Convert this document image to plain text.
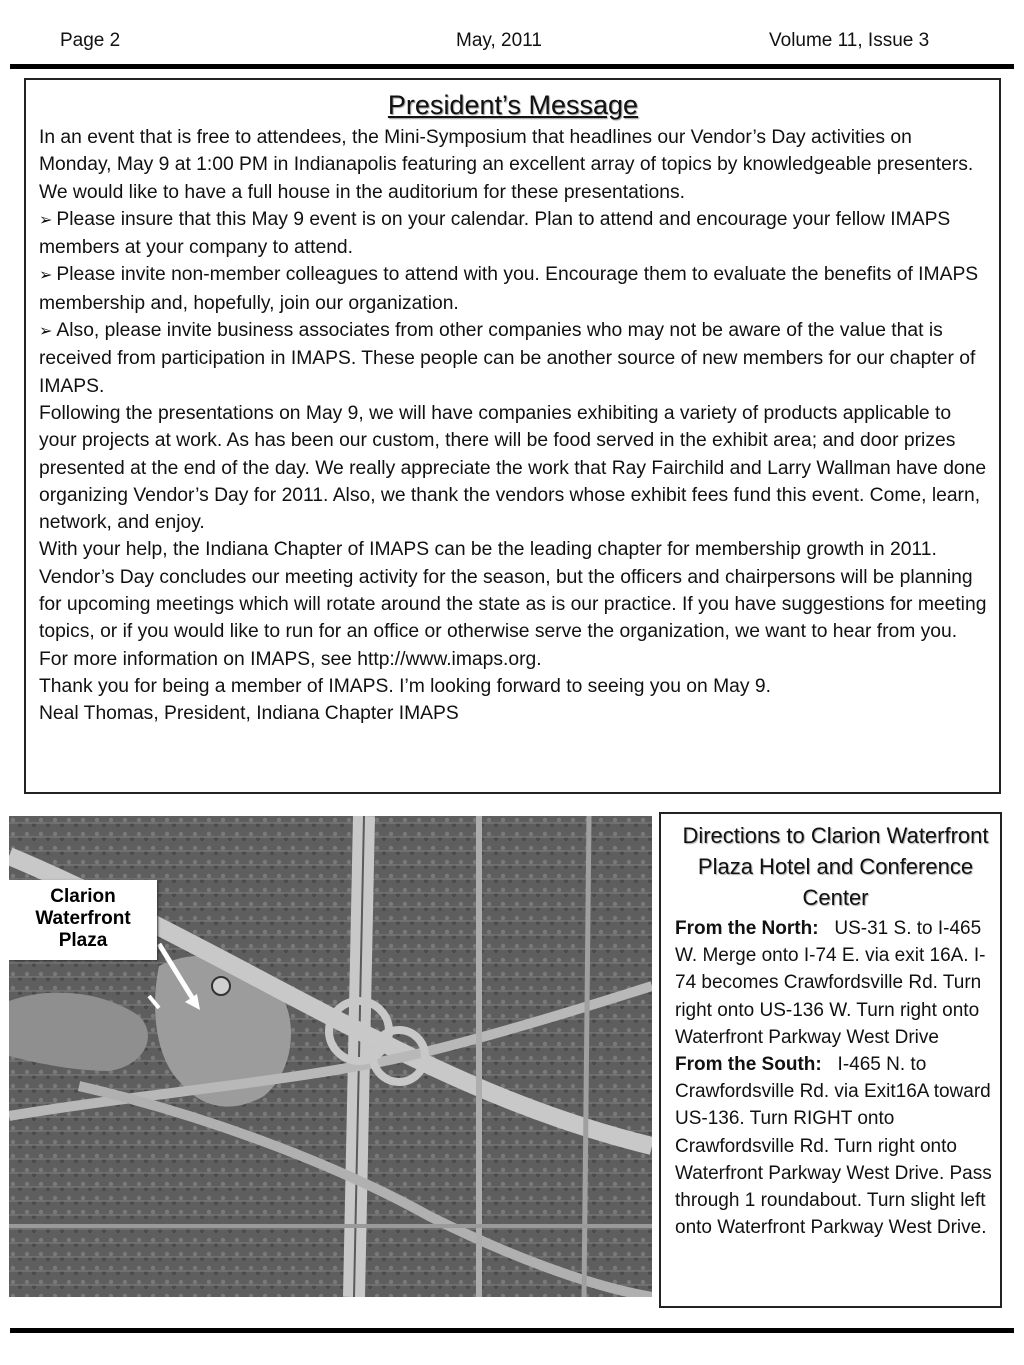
Page 2	May, 2011	Volume 11, Issue 3
President’s Message

In an event that is free to attendees, the Mini-Symposium that headlines our Vendor’s Day activities on Monday, May 9 at 1:00 PM in Indianapolis featuring an excellent array of topics by knowledgeable presenters. We would like to have a full house in the auditorium for these presentations.

➢ Please insure that this May 9 event is on your calendar. Plan to attend and encourage your fellow IMAPS members at your company to attend.

➢ Please invite non-member colleagues to attend with you. Encourage them to evaluate the benefits of IMAPS membership and, hopefully, join our organization.

➢ Also, please invite business associates from other companies who may not be aware of the value that is received from participation in IMAPS. These people can be another source of new members for our chapter of IMAPS.

Following the presentations on May 9, we will have companies exhibiting a variety of products applicable to your projects at work. As has been our custom, there will be food served in the exhibit area; and door prizes presented at the end of the day. We really appreciate the work that Ray Fairchild and Larry Wallman have done organizing Vendor’s Day for 2011. Also, we thank the vendors whose exhibit fees fund this event. Come, learn, network, and enjoy.

With your help, the Indiana Chapter of IMAPS can be the leading chapter for membership growth in 2011. Vendor’s Day concludes our meeting activity for the season, but the officers and chairpersons will be planning for upcoming meetings which will rotate around the state as is our practice. If you have suggestions for meeting topics, or if you would like to run for an office or otherwise serve the organization, we want to hear from you. For more information on IMAPS, see http://www.imaps.org.

Thank you for being a member of IMAPS. I’m looking forward to seeing you on May 9.

Neal Thomas, President, Indiana Chapter IMAPS

Clarion Waterfront Plaza
Directions to Clarion Waterfront Plaza Hotel and Conference Center

From the North: US-31 S. to I-465 W. Merge onto I-74 E. via exit 16A. I-74 becomes Crawfordsville Rd. Turn right onto US-136 W. Turn right onto Waterfront Parkway West Drive
From the South: I-465 N. to Crawfordsville Rd. via Exit16A toward US-136. Turn RIGHT onto Crawfordsville Rd. Turn right onto Waterfront Parkway West Drive. Pass through 1 roundabout. Turn slight left onto Waterfront Parkway West Drive.
